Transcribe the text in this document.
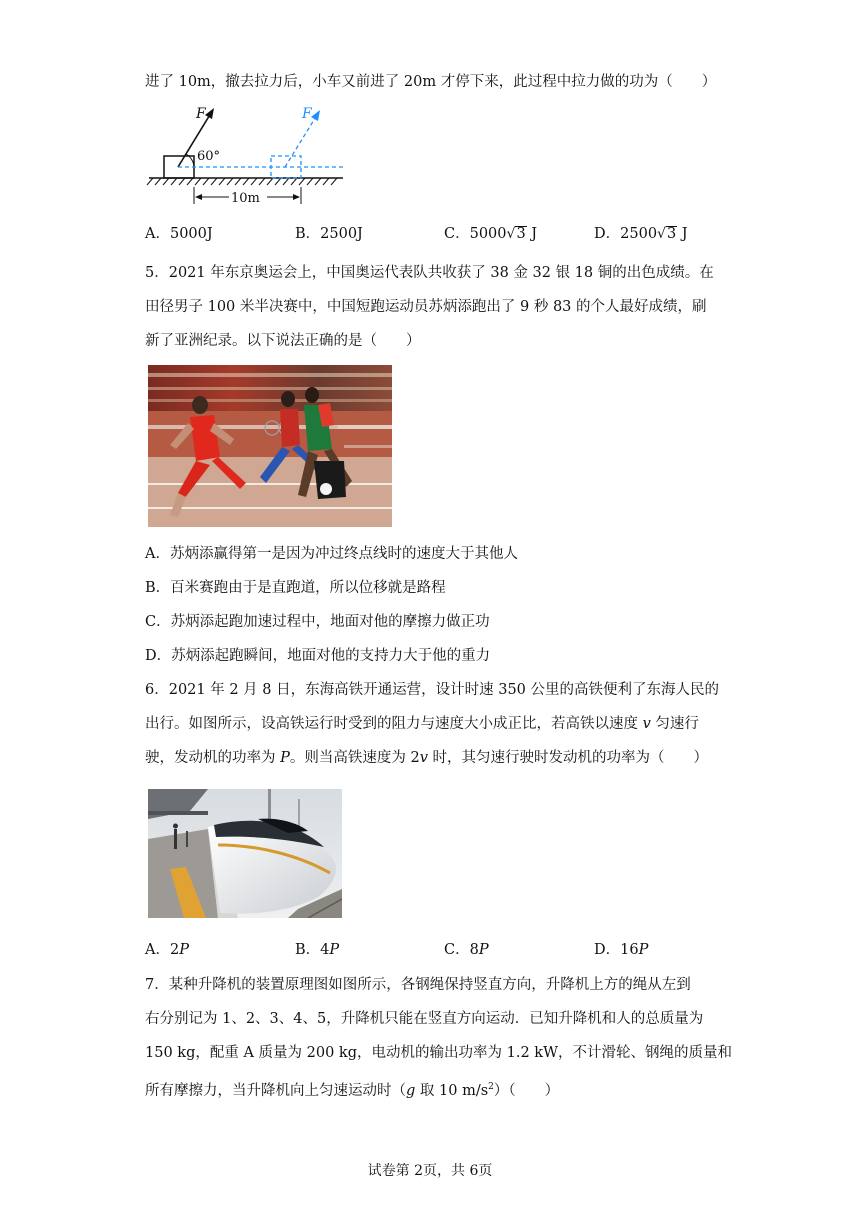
进了 10m，撤去拉力后，小车又前进了 20m 才停下来，此过程中拉力做的功为（　　）
F	F
60°
10m
A．5000J	B．2500J	C．5000√3 J	D．2500√3 J
5．2021 年东京奥运会上，中国奥运代表队共收获了 38 金 32 银 18 铜的出色成绩。在
田径男子 100 米半决赛中，中国短跑运动员苏炳添跑出了 9 秒 83 的个人最好成绩，刷
新了亚洲纪录。以下说法正确的是（　　）
A．苏炳添赢得第一是因为冲过终点线时的速度大于其他人
B．百米赛跑由于是直跑道，所以位移就是路程
C．苏炳添起跑加速过程中，地面对他的摩擦力做正功
D．苏炳添起跑瞬间，地面对他的支持力大于他的重力
6．2021 年 2 月 8 日，东海高铁开通运营，设计时速 350 公里的高铁便利了东海人民的
出行。如图所示，设高铁运行时受到的阻力与速度大小成正比，若高铁以速度 v 匀速行
驶，发动机的功率为 P。则当高铁速度为 2v 时，其匀速行驶时发动机的功率为（　　）
A．2P	B．4P	C．8P	D．16P
7．某种升降机的装置原理图如图所示，各钢绳保持竖直方向，升降机上方的绳从左到
右分别记为 1、2、3、4、5，升降机只能在竖直方向运动．已知升降机和人的总质量为
150 kg，配重 A 质量为 200 kg，电动机的输出功率为 1.2 kW，不计滑轮、钢绳的质量和
所有摩擦力，当升降机向上匀速运动时（g 取 10 $m/s^2$）（　　）
试卷第 2页，共 6页
